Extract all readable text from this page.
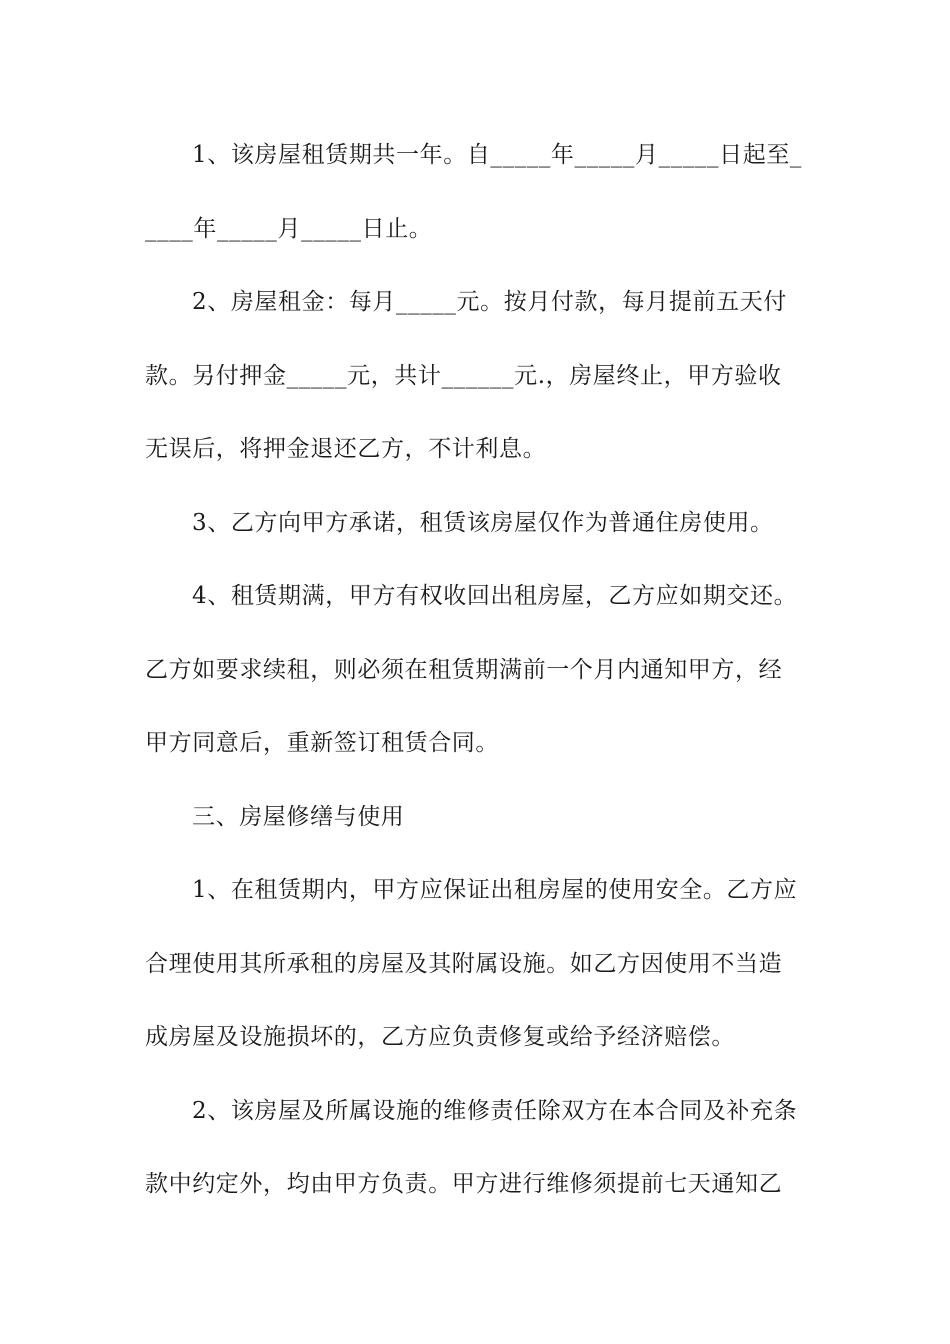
1、该房屋租赁期共一年。自_____年_____月_____日起至_
____年_____月_____日止。
2、房屋租金：每月_____元。按月付款，每月提前五天付
款。另付押金_____元，共计______元.，房屋终止，甲方验收
无误后，将押金退还乙方，不计利息。
3、乙方向甲方承诺，租赁该房屋仅作为普通住房使用。
4、租赁期满，甲方有权收回出租房屋，乙方应如期交还。
乙方如要求续租，则必须在租赁期满前一个月内通知甲方，经
甲方同意后，重新签订租赁合同。
三、房屋修缮与使用
1、在租赁期内，甲方应保证出租房屋的使用安全。乙方应
合理使用其所承租的房屋及其附属设施。如乙方因使用不当造
成房屋及设施损坏的，乙方应负责修复或给予经济赔偿。
2、该房屋及所属设施的维修责任除双方在本合同及补充条
款中约定外，均由甲方负责。甲方进行维修须提前七天通知乙
